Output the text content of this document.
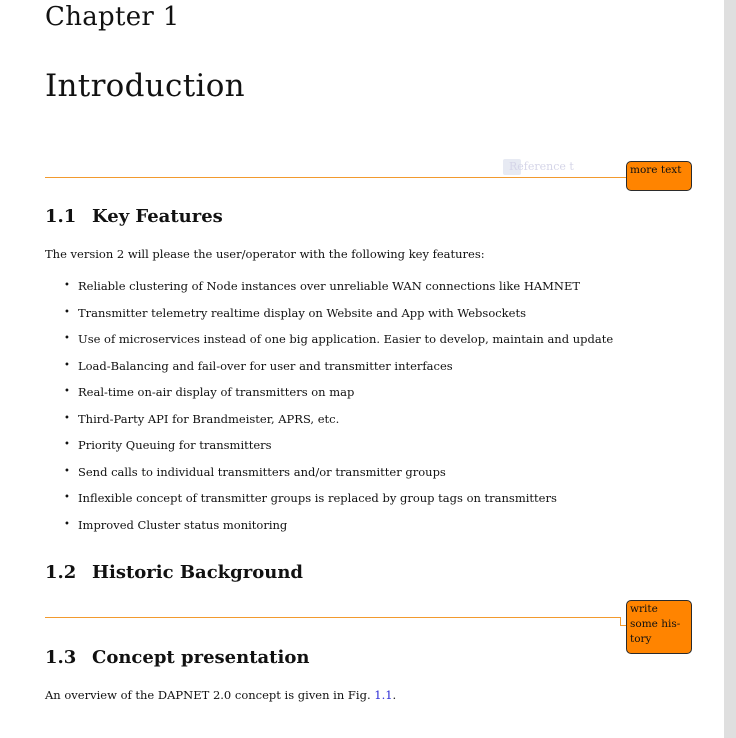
Chapter 1
Introduction
Reference t	more text
1.1 Key Features
The version 2 will please the user/operator with the following key features:
• Reliable clustering of Node instances over unreliable WAN connections like HAMNET
• Transmitter telemetry realtime display on Website and App with Websockets
• Use of microservices instead of one big application. Easier to develop, maintain and update
• Load-Balancing and fail-over for user and transmitter interfaces
• Real-time on-air display of transmitters on map
• Third-Party API for Brandmeister, APRS, etc.
• Priority Queuing for transmitters
• Send calls to individual transmitters and/or transmitter groups
• Inflexible concept of transmitter groups is replaced by group tags on transmitters
• Improved Cluster status monitoring
1.2 Historic Background
write
some his-
tory
1.3 Concept presentation
An overview of the DAPNET 2.0 concept is given in Fig. 1.1.
